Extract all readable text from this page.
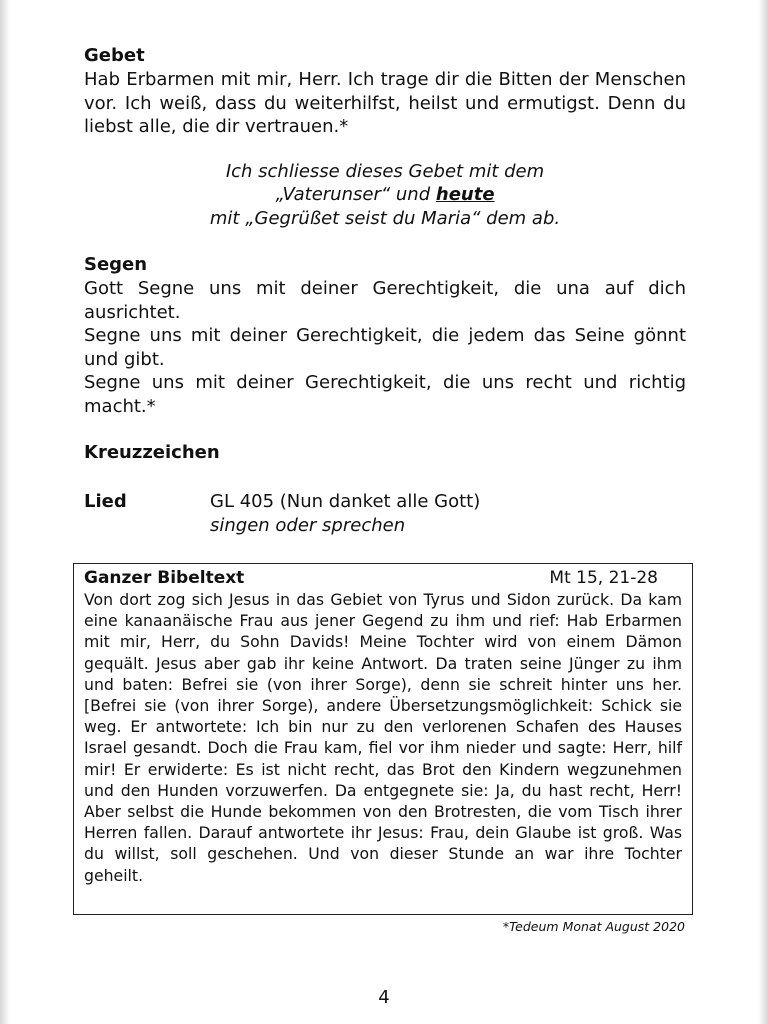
Gebet

Hab Erbarmen mit mir, Herr. Ich trage dir die Bitten der Menschen vor. Ich weiß, dass du weiterhilfst, heilst und ermutigst. Denn du liebst alle, die dir vertrauen.*

Ich schliesse dieses Gebet mit dem
„Vaterunser“ und heute
mit „Gegrüßet seist du Maria“ dem ab.
Segen

Gott Segne uns mit deiner Gerechtigkeit, die una auf dich ausrichtet.

Segne uns mit deiner Gerechtigkeit, die jedem das Seine gönnt und gibt.

Segne uns mit deiner Gerechtigkeit, die uns recht und richtig macht.*

Kreuzzeichen
Lied	GL 405 (Nun danket alle Gott)
singen oder sprechen
Ganzer Bibeltext	Mt 15, 21-28

Von dort zog sich Jesus in das Gebiet von Tyrus und Sidon zurück. Da kam eine kanaanäische Frau aus jener Gegend zu ihm und rief: Hab Erbarmen mit mir, Herr, du Sohn Davids! Meine Tochter wird von einem Dämon gequält. Jesus aber gab ihr keine Antwort. Da traten seine Jünger zu ihm und baten: Befrei sie (von ihrer Sorge), denn sie schreit hinter uns her. [Befrei sie (von ihrer Sorge), andere Übersetzungsmöglichkeit: Schick sie weg. Er antwortete: Ich bin nur zu den verlorenen Schafen des Hauses Israel gesandt. Doch die Frau kam, fiel vor ihm nieder und sagte: Herr, hilf mir! Er erwiderte: Es ist nicht recht, das Brot den Kindern wegzunehmen und den Hunden vorzuwerfen. Da entgegnete sie: Ja, du hast recht, Herr! Aber selbst die Hunde bekommen von den Brotresten, die vom Tisch ihrer Herren fallen. Darauf antwortete ihr Jesus: Frau, dein Glaube ist groß. Was du willst, soll geschehen. Und von dieser Stunde an war ihre Tochter geheilt.

*Tedeum Monat August 2020
4
